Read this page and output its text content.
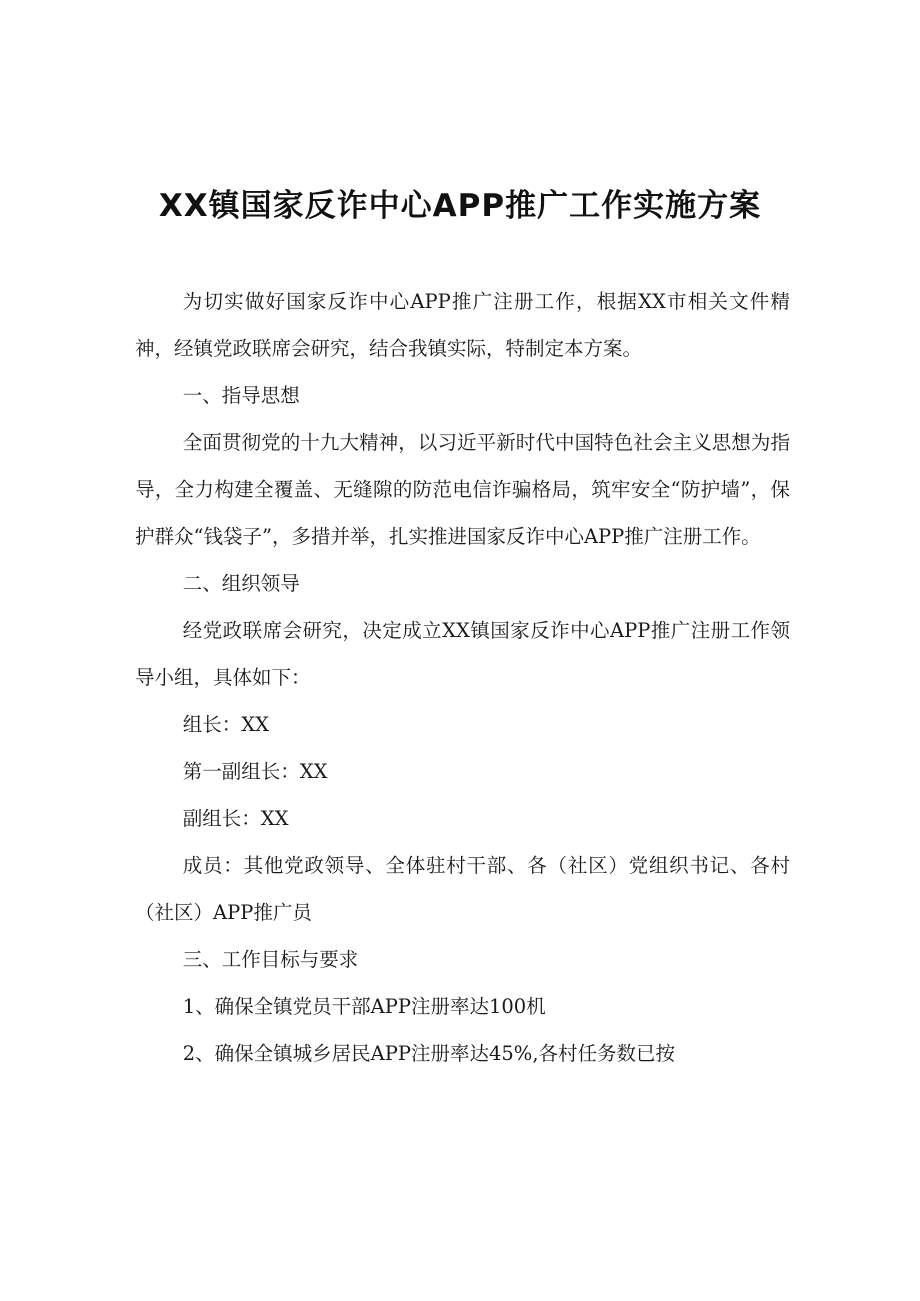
XX镇国家反诈中心APP推广工作实施方案

为切实做好国家反诈中心APP推广注册工作，根据XX市相关文件精神，经镇党政联席会研究，结合我镇实际，特制定本方案。

一、指导思想

全面贯彻党的十九大精神，以习近平新时代中国特色社会主义思想为指导，全力构建全覆盖、无缝隙的防范电信诈骗格局，筑牢安全“防护墙”，保护群众“钱袋子”，多措并举，扎实推进国家反诈中心APP推广注册工作。

二、组织领导

经党政联席会研究，决定成立XX镇国家反诈中心APP推广注册工作领导小组，具体如下：

组长：XX

第一副组长：XX

副组长：XX

成员：其他党政领导、全体驻村干部、各（社区）党组织书记、各村（社区）APP推广员

三、工作目标与要求

1、确保全镇党员干部APP注册率达100机

2、确保全镇城乡居民APP注册率达45%,各村任务数已按
